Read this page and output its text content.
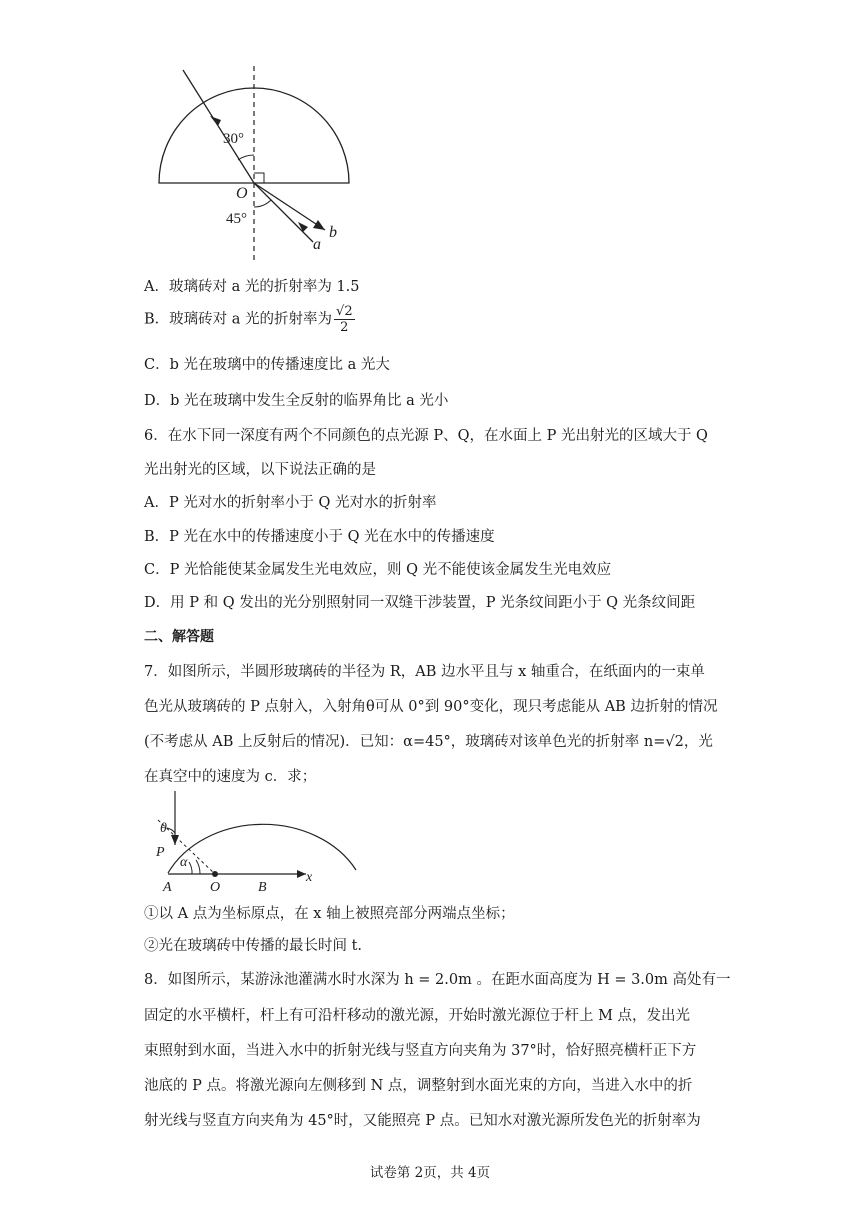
30°
45°
O
a
b
A．玻璃砖对 a 光的折射率为 1.5
B．玻璃砖对 a 光的折射率为 $\frac{√2}{2}$
C．b 光在玻璃中的传播速度比 a 光大
D．b 光在玻璃中发生全反射的临界角比 a 光小
6．在水下同一深度有两个不同颜色的点光源 P、Q，在水面上 P 光出射光的区域大于 Q
光出射光的区域，以下说法正确的是
A．P 光对水的折射率小于 Q 光对水的折射率
B．P 光在水中的传播速度小于 Q 光在水中的传播速度
C．P 光恰能使某金属发生光电效应，则 Q 光不能使该金属发生光电效应
D．用 P 和 Q 发出的光分别照射同一双缝干涉装置，P 光条纹间距小于 Q 光条纹间距
二、解答题
7．如图所示，半圆形玻璃砖的半径为 R，AB 边水平且与 x 轴重合，在纸面内的一束单
色光从玻璃砖的 P 点射入，入射角θ可从 0°到 90°变化，现只考虑能从 AB 边折射的情况
(不考虑从 AB 上反射后的情况)．已知：α=45°，玻璃砖对该单色光的折射率 n=√2，光
在真空中的速度为 c．求；
θ
P
α
A	O	B
x
①以 A 点为坐标原点，在 x 轴上被照亮部分两端点坐标；
②光在玻璃砖中传播的最长时间 t.
8．如图所示，某游泳池灌满水时水深为 h = 2.0m 。在距水面高度为 H = 3.0m 高处有一
固定的水平横杆，杆上有可沿杆移动的激光源，开始时激光源位于杆上 M 点，发出光
束照射到水面，当进入水中的折射光线与竖直方向夹角为 37°时，恰好照亮横杆正下方
池底的 P 点。将激光源向左侧移到 N 点，调整射到水面光束的方向，当进入水中的折
射光线与竖直方向夹角为 45°时，又能照亮 P 点。已知水对激光源所发色光的折射率为
试卷第 2页，共 4页
